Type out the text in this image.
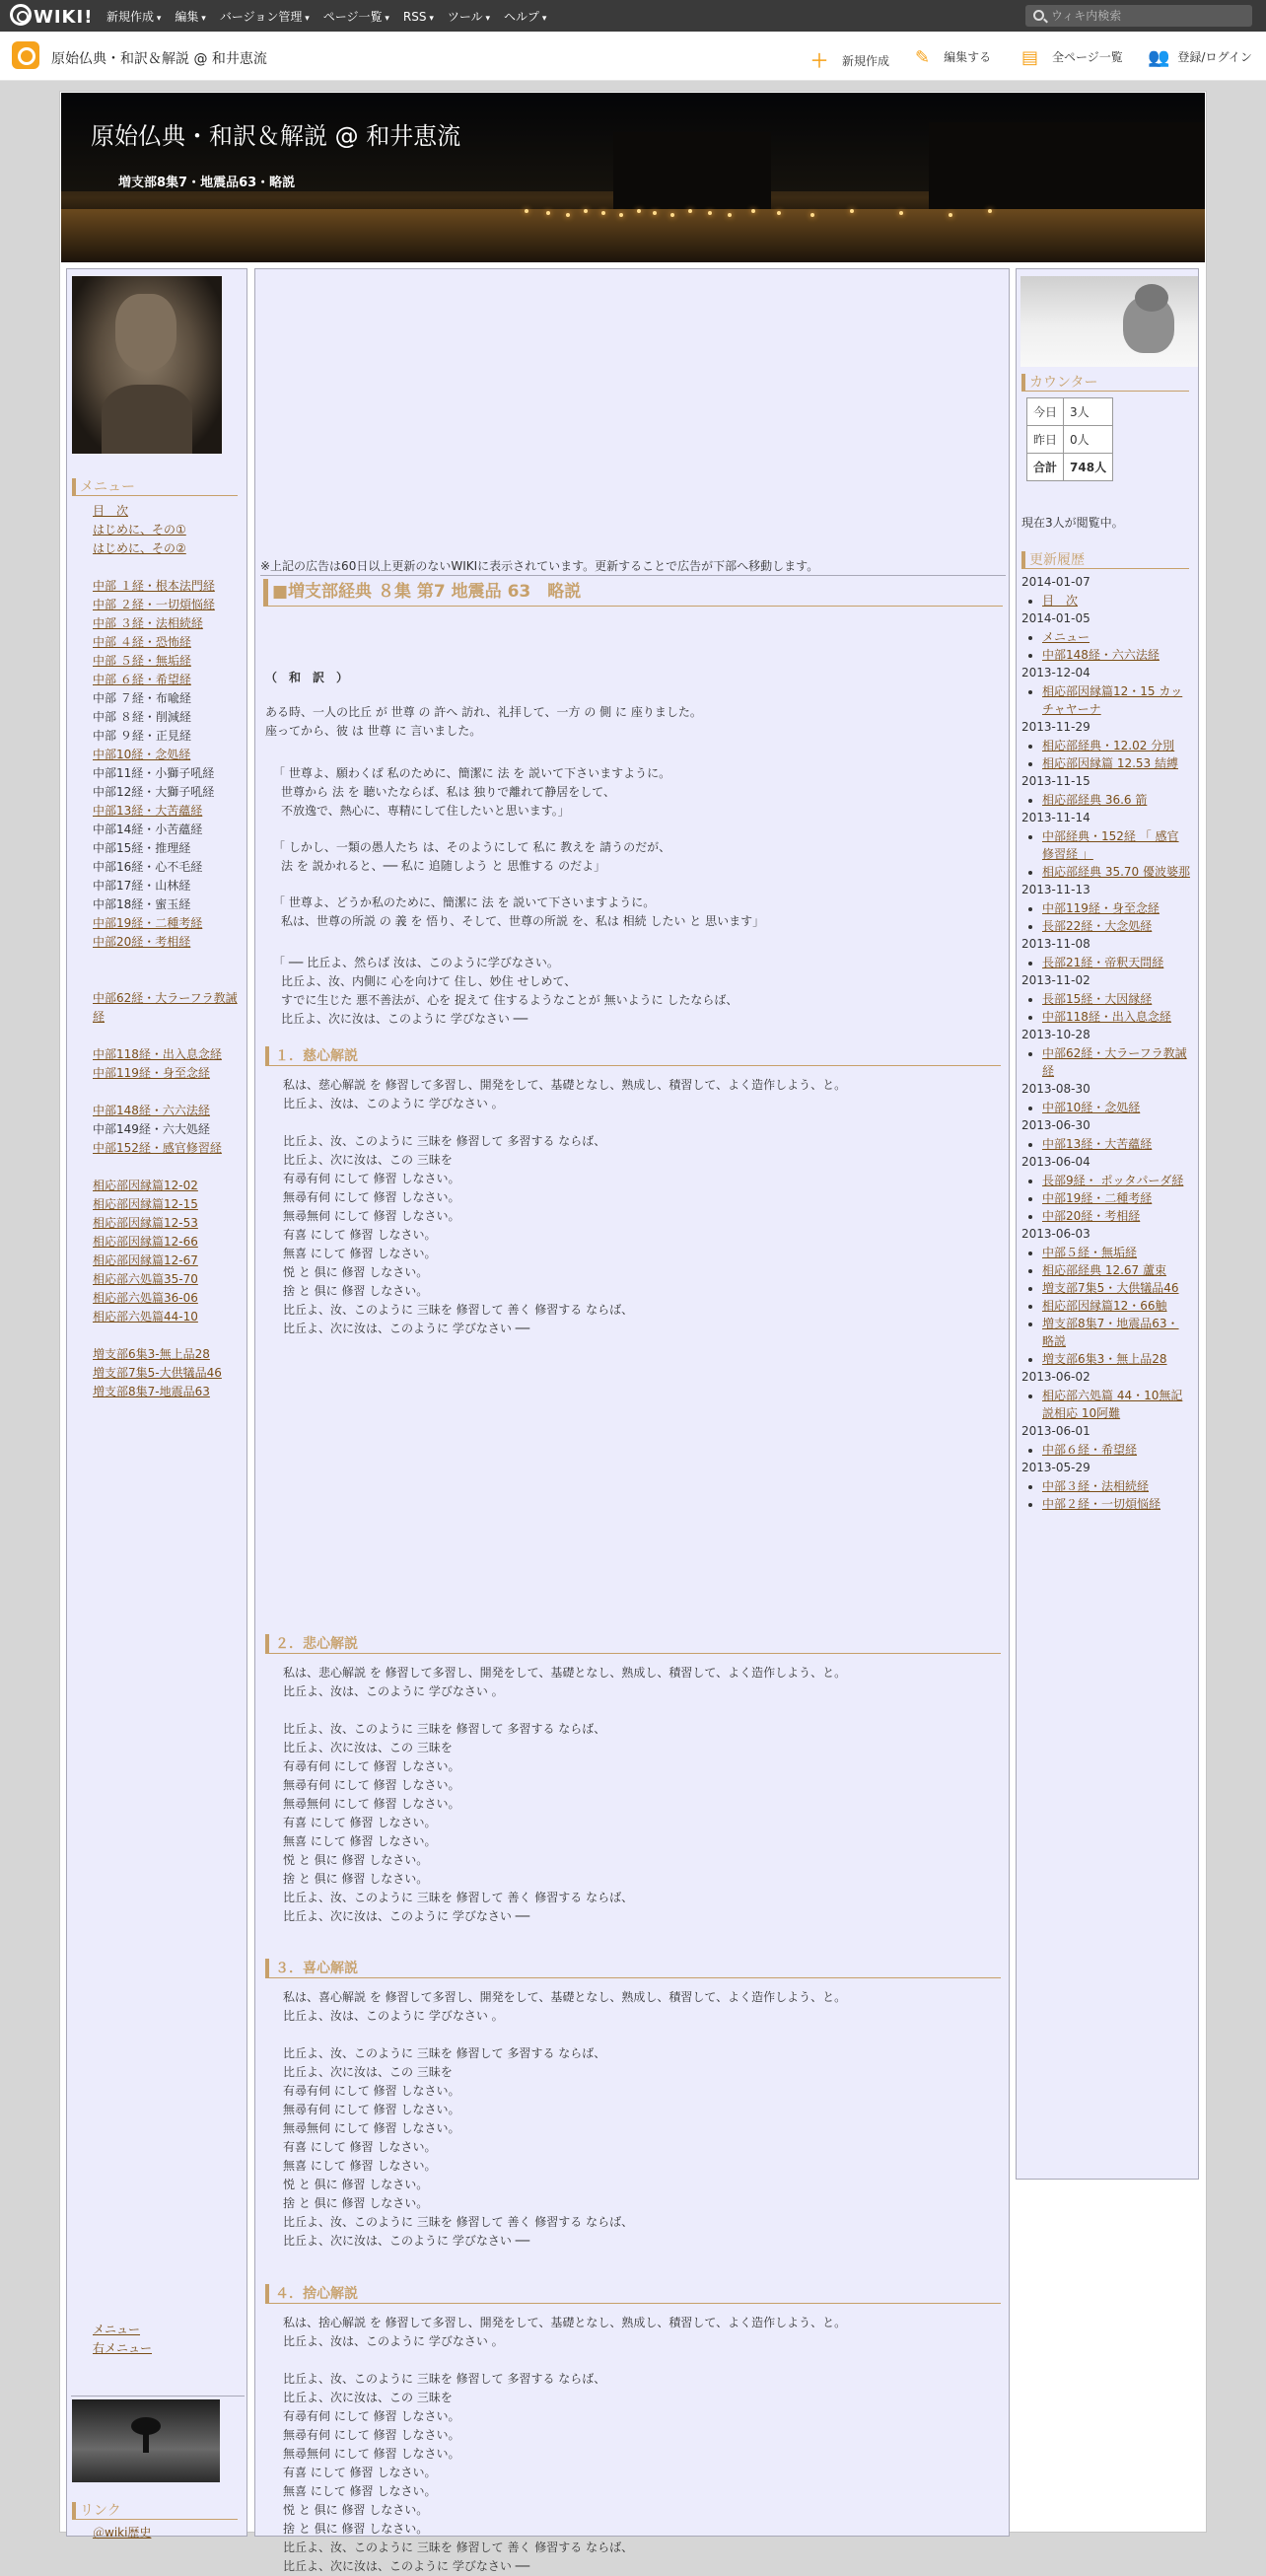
WIKI! 新規作成 ▾ 編集 ▾ バージョン管理 ▾ ページ一覧 ▾ RSS ▾ ツール ▾ ヘルプ ▾	ウィキ内検索
原始仏典・和訳＆解説 @ 和井恵流	＋ 新規作成 ✎ 編集する ▤ 全ページ一覧 👥 登録/ログイン
原始仏典・和訳＆解説 @ 和井恵流
増支部8集7・地震品63・略説
メニュー
• 目　次
• はじめに、その①
• はじめに、その②
•
• 中部 １経・根本法門経
• 中部 ２経・一切煩悩経
• 中部 ３経・法相続経
• 中部 ４経・恐怖経
• 中部 ５経・無垢経
• 中部 ６経・希望経
• 中部 ７経・布喩経
• 中部 ８経・削減経
• 中部 ９経・正見経
• 中部10経・念処経
• 中部11経・小獅子吼経
• 中部12経・大獅子吼経
• 中部13経・大苦蘊経
• 中部14経・小苦蘊経
• 中部15経・推理経
• 中部16経・心不毛経
• 中部17経・山林経
• 中部18経・蜜玉経
• 中部19経・二種考経
• 中部20経・考相経
•
•
• 中部62経・大ラーフラ教誡経
•
• 中部118経・出入息念経
• 中部119経・身至念経
•
• 中部148経・六六法経
• 中部149経・六大処経
• 中部152経・感官修習経
•
• 相応部因縁篇12-02
• 相応部因縁篇12-15
• 相応部因縁篇12-53
• 相応部因縁篇12-66
• 相応部因縁篇12-67
• 相応部六処篇35-70
• 相応部六処篇36-06
• 相応部六処篇44-10
•
• 増支部6集3-無上品28
• 増支部7集5-大供犠品46
• 増支部8集7-地震品63
•
•
•
•
•
•
•
•
•
•
•
•
•
•
•
•
•
•
•
•
•
•
•
•
•
•
•
•
•
•
•
•
•
•
•
•
•
•
•
•
•
•
•
•
•
•
•
•
• メニュー
• 右メニュー
リンク
• ＠wiki歴史
※上記の広告は60日以上更新のないWIKIに表示されています。更新することで広告が下部へ移動します。
■増支部経典 ８集 第7 地震品 63　略説
（　和　訳　）
ある時、一人の比丘 が 世尊 の 許へ 訪れ、礼拝して、一方 の 側 に 座りました。
座ってから、彼 は 世尊 に 言いました。
「 世尊よ、願わくば 私のために、簡潔に 法 を 説いて下さいますように。
世尊から 法 を 聴いたならば、私は 独りで離れて静居をして、
不放逸で、熱心に、専精にして住したいと思います。」
「 しかし、一類の愚人たち は、そのようにして 私に 教えを 請うのだが、
法 を 説かれると、── 私に 追随しよう と 思惟する のだよ」
「 世尊よ、どうか私のために、簡潔に 法 を 説いて下さいますように。
私は、世尊の所説 の 義 を 悟り、そして、世尊の所説 を、私は 相続 したい と 思います」
「 ── 比丘よ、然らば 汝は、このように学びなさい。
比丘よ、汝、内側に 心を向けて 住し、妙住 せしめて、
すでに生じた 悪不善法が、心を 捉えて 住するようなことが 無いように したならば、
比丘よ、次に汝は、このように 学びなさい ──
１．慈心解説
私は、慈心解説 を 修習して多習し、開発をして、基礎となし、熟成し、積習して、よく造作しよう、と。
比丘よ、汝は、このように 学びなさい 。
比丘よ、汝、このように 三昧を 修習して 多習する ならば、
比丘よ、次に汝は、この 三昧を
有尋有伺 にして 修習 しなさい。
無尋有伺 にして 修習 しなさい。
無尋無伺 にして 修習 しなさい。
有喜 にして 修習 しなさい。
無喜 にして 修習 しなさい。
悦 と 俱に 修習 しなさい。
捨 と 俱に 修習 しなさい。
比丘よ、汝、このように 三昧を 修習して 善く 修習する ならば、
比丘よ、次に汝は、このように 学びなさい ──
２．悲心解説
私は、悲心解説 を 修習して多習し、開発をして、基礎となし、熟成し、積習して、よく造作しよう、と。
比丘よ、汝は、このように 学びなさい 。
比丘よ、汝、このように 三昧を 修習して 多習する ならば、
比丘よ、次に汝は、この 三昧を
有尋有伺 にして 修習 しなさい。
無尋有伺 にして 修習 しなさい。
無尋無伺 にして 修習 しなさい。
有喜 にして 修習 しなさい。
無喜 にして 修習 しなさい。
悦 と 俱に 修習 しなさい。
捨 と 俱に 修習 しなさい。
比丘よ、汝、このように 三昧を 修習して 善く 修習する ならば、
比丘よ、次に汝は、このように 学びなさい ──
３．喜心解説
私は、喜心解説 を 修習して多習し、開発をして、基礎となし、熟成し、積習して、よく造作しよう、と。
比丘よ、汝は、このように 学びなさい 。
比丘よ、汝、このように 三昧を 修習して 多習する ならば、
比丘よ、次に汝は、この 三昧を
有尋有伺 にして 修習 しなさい。
無尋有伺 にして 修習 しなさい。
無尋無伺 にして 修習 しなさい。
有喜 にして 修習 しなさい。
無喜 にして 修習 しなさい。
悦 と 俱に 修習 しなさい。
捨 と 俱に 修習 しなさい。
比丘よ、汝、このように 三昧を 修習して 善く 修習する ならば、
比丘よ、次に汝は、このように 学びなさい ──
４．捨心解説
私は、捨心解説 を 修習して多習し、開発をして、基礎となし、熟成し、積習して、よく造作しよう、と。
比丘よ、汝は、このように 学びなさい 。
比丘よ、汝、このように 三昧を 修習して 多習する ならば、
比丘よ、次に汝は、この 三昧を
有尋有伺 にして 修習 しなさい。
無尋有伺 にして 修習 しなさい。
無尋無伺 にして 修習 しなさい。
有喜 にして 修習 しなさい。
無喜 にして 修習 しなさい。
悦 と 俱に 修習 しなさい。
捨 と 俱に 修習 しなさい。
比丘よ、汝、このように 三昧を 修習して 善く 修習する ならば、
比丘よ、次に汝は、このように 学びなさい ──
カウンター
今日	3人
昨日	0人
合計	748人
現在3人が閲覧中。
更新履歴
2014-01-07
• 目　次
2014-01-05
• メニュー
• 中部148経・六六法経
2013-12-04
• 相応部因縁篇12・15 カッチャヤーナ
2013-11-29
• 相応部経典・12.02 分別
• 相応部因縁篇 12.53 結縛
2013-11-15
• 相応部経典 36.6 箭
2013-11-14
• 中部経典・152経 「 感官修習経 」
• 相応部経典 35.70 優波婆那
2013-11-13
• 中部119経・身至念経
• 長部22経・大念処経
2013-11-08
• 長部21経・帝釈天問経
2013-11-02
• 長部15経・大因縁経
• 中部118経・出入息念経
2013-10-28
• 中部62経・大ラーフラ教誡経
2013-08-30
• 中部10経・念処経
2013-06-30
• 中部13経・大苦蘊経
2013-06-04
• 長部9経・ ポッタパーダ経
• 中部19経・二種考経
• 中部20経・考相経
2013-06-03
• 中部５経・無垢経
• 相応部経典 12.67 蘆束
• 増支部7集5・大供犠品46
• 相応部因縁篇12・66触
• 増支部8集7・地震品63・略説
• 増支部6集3・無上品28
2013-06-02
• 相応部六処篇 44・10無記説相応 10阿難
2013-06-01
• 中部６経・希望経
2013-05-29
• 中部３経・法相続経
• 中部２経・一切煩悩経
